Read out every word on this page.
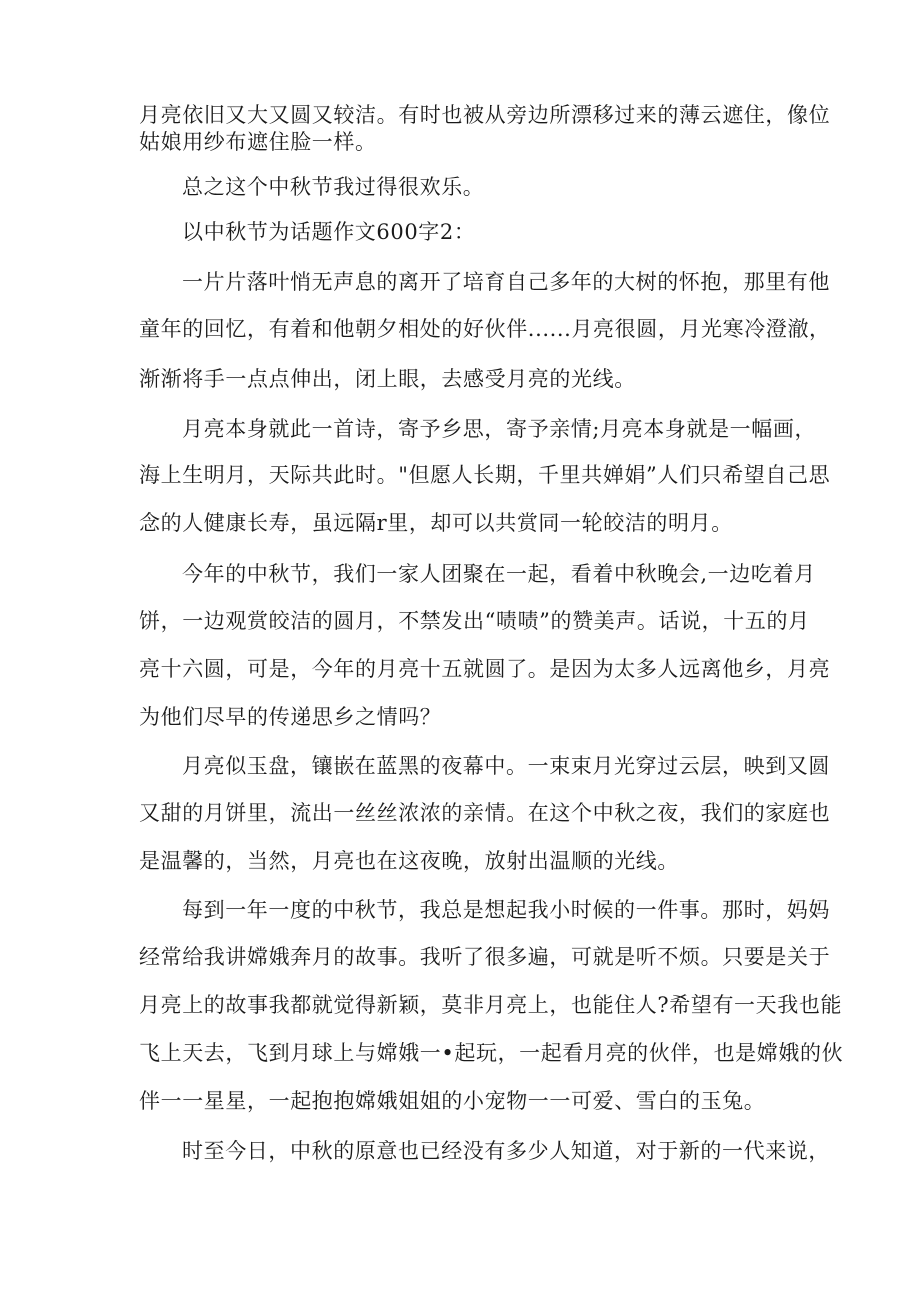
月亮依旧又大又圆又较洁。有时也被从旁边所漂移过来的薄云遮住，像位

姑娘用纱布遮住脸一样。

总之这个中秋节我过得很欢乐。

以中秋节为话题作文600字2：

一片片落叶悄无声息的离开了培育自己多年的大树的怀抱，那里有他

童年的回忆，有着和他朝夕相处的好伙伴......月亮很圆，月光寒冷澄澈，

渐渐将手一点点伸出，闭上眼，去感受月亮的光线。

月亮本身就此一首诗，寄予乡思，寄予亲情;月亮本身就是一幅画，

海上生明月，天际共此时。"但愿人长期，千里共婵娟”人们只希望自己思

念的人健康长寿，虽远隔r里，却可以共赏同一轮皎洁的明月。

今年的中秋节，我们一家人团聚在一起，看着中秋晚会,一边吃着月

饼，一边观赏皎洁的圆月，不禁发出“啧啧”的赞美声。话说，十五的月

亮十六圆，可是，今年的月亮十五就圆了。是因为太多人远离他乡，月亮

为他们尽早的传递思乡之情吗？

月亮似玉盘，镶嵌在蓝黑的夜幕中。一束束月光穿过云层，映到又圆

又甜的月饼里，流出一丝丝浓浓的亲情。在这个中秋之夜，我们的家庭也

是温馨的，当然，月亮也在这夜晚，放射出温顺的光线。

每到一年一度的中秋节，我总是想起我小时候的一件事。那时，妈妈

经常给我讲嫦娥奔月的故事。我听了很多遍，可就是听不烦。只要是关于

月亮上的故事我都就觉得新颖，莫非月亮上，也能住人?希望有一天我也能

飞上天去，飞到月球上与嫦娥一•起玩，一起看月亮的伙伴，也是嫦娥的伙

伴一一星星，一起抱抱嫦娥姐姐的小宠物一一可爱、雪白的玉兔。

时至今日，中秋的原意也已经没有多少人知道，对于新的一代来说，
